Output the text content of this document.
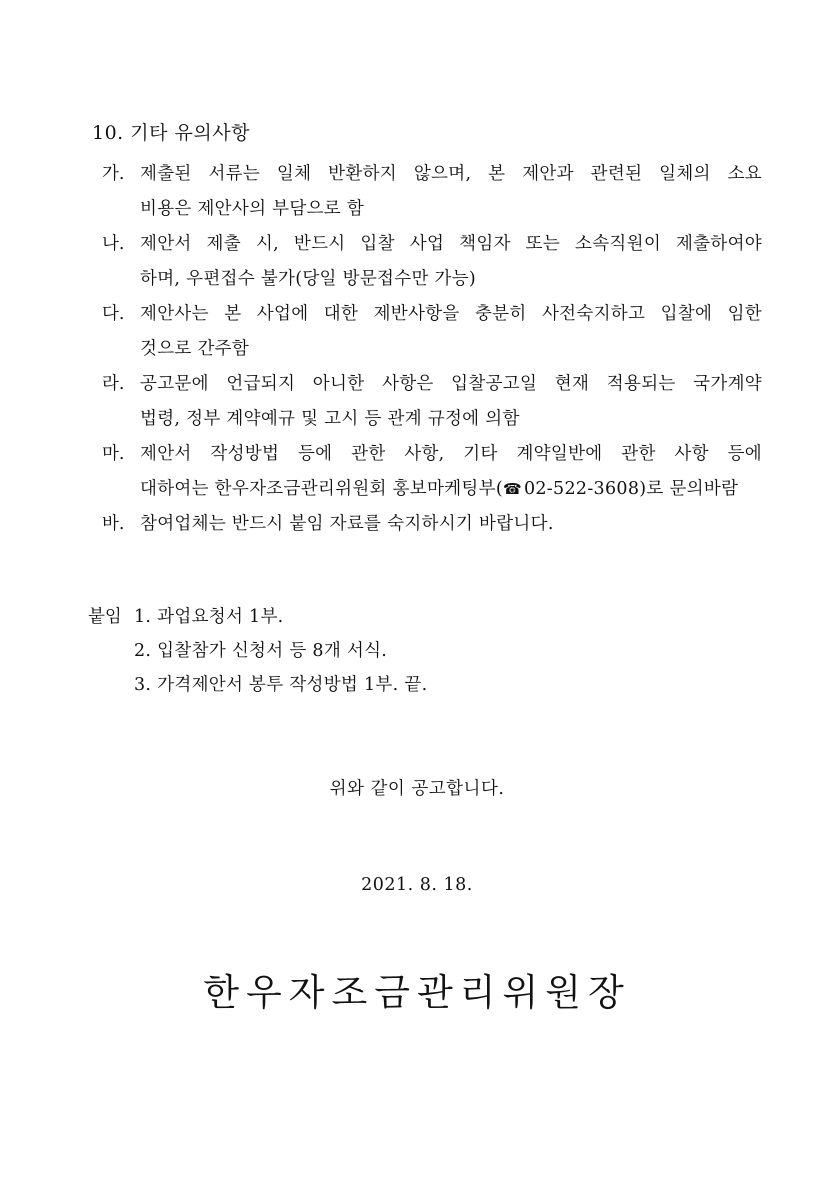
10. 기타 유의사항
가. 제출된 서류는 일체 반환하지 않으며, 본 제안과 관련된 일체의 소요
비용은 제안사의 부담으로 함
나. 제안서 제출 시, 반드시 입찰 사업 책임자 또는 소속직원이 제출하여야
하며, 우편접수 불가(당일 방문접수만 가능)
다. 제안사는 본 사업에 대한 제반사항을 충분히 사전숙지하고 입찰에 임한
것으로 간주함
라. 공고문에 언급되지 아니한 사항은 입찰공고일 현재 적용되는 국가계약
법령, 정부 계약예규 및 고시 등 관계 규정에 의함
마. 제안서 작성방법 등에 관한 사항, 기타 계약일반에 관한 사항 등에
대하여는 한우자조금관리위원회 홍보마케팅부(☎ 02-522-3608)로 문의바람
바. 참여업체는 반드시 붙임 자료를 숙지하시기 바랍니다.
붙임 1. 과업요청서 1부.
2. 입찰참가 신청서 등 8개 서식.
3. 가격제안서 봉투 작성방법 1부. 끝.
위와 같이 공고합니다.
2021. 8. 18.
한우자조금관리위원장
